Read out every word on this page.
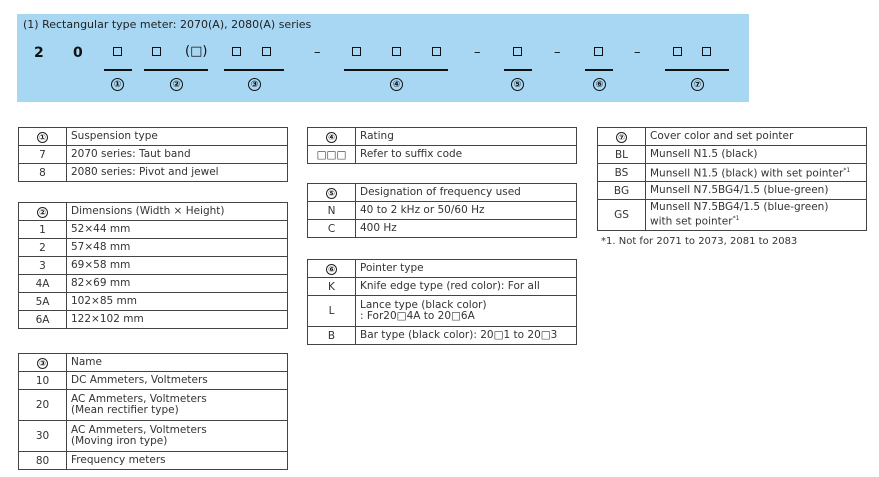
(1) Rectangular type meter: 2070(A), 2080(A) series
2 0	(□)	–	–	–	–
①	②	③	④	⑤	⑥	⑦
①	Suspension type
7	2070 series: Taut band
8	2080 series: Pivot and jewel
②	Dimensions (Width × Height)
1	52×44 mm
2	57×48 mm
3	69×58 mm
4A	82×69 mm
5A	102×85 mm
6A	122×102 mm
③	Name
10	DC Ammeters, Voltmeters
20	AC Ammeters, Voltmeters
(Mean rectifier type)
30	AC Ammeters, Voltmeters
(Moving iron type)
80	Frequency meters
④	Rating
□□□	Refer to suffix code
⑤	Designation of frequency used
N	40 to 2 kHz or 50/60 Hz
C	400 Hz
⑥	Pointer type
K	Knife edge type (red color): For all
L	Lance type (black color)
: For20□4A to 20□6A
B	Bar type (black color): 20□1 to 20□3
⑦	Cover color and set pointer
BL	Munsell N1.5 (black)
BS	Munsell N1.5 (black) with set pointer$^{*1}$
BG	Munsell N7.5BG4/1.5 (blue-green)
GS	Munsell N7.5BG4/1.5 (blue-green)
with set pointer$^{*1}$
*1. Not for 2071 to 2073, 2081 to 2083
